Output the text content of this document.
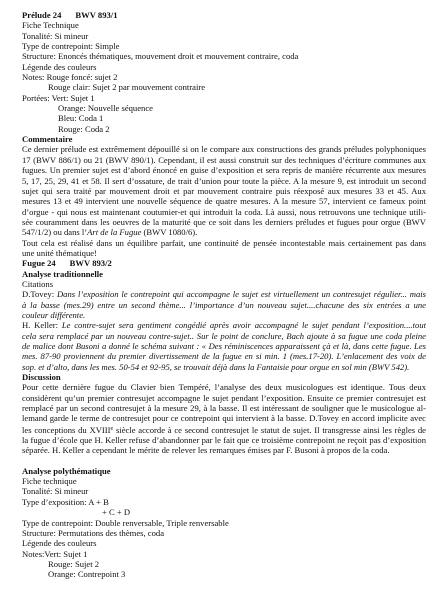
Prélude 24 BWV 893/1
Fiche Technique
Tonalité: Si mineur
Type de contrepoint: Simple
Structure: Enoncés thématiques, mouvement droit et mouvement contraire, coda
Légende des couleurs
Notes: Rouge foncé: sujet 2
Rouge clair: Sujet 2 par mouvement contraire
Portées: Vert: Sujet 1
Orange: Nouvelle séquence
Bleu: Coda 1
Rouge: Coda 2
Commentaire
Ce dernier prélude est extrêmement dépouillé si on le compare aux constructions des grands préludes polyphoniques
17 (BWV 886/1) ou 21 (BWV 890/1). Cependant, il est aussi construit sur des techniques d’écriture communes aux
fugues. Un premier sujet est d’abord énoncé en guise d’exposition et sera repris de manière récurrente aux mesures
5, 17, 25, 29, 41 et 58. Il sert d’ossature, de trait d’union pour toute la pièce. A la mesure 9, est introduit un second
sujet qui sera traité par mouvement droit et par mouvement contraire puis réexposé aux mesures 33 et 45. Aux
mesures 13 et 49 intervient une nouvelle séquence de quatre mesures. A la mesure 57, intervient ce fameux point
d’orgue - qui nous est maintenant coutumier-et qui introduit la coda. Là aussi, nous retrouvons une technique utili-
sée couramment dans les oeuvres de la maturité que ce soit dans les derniers préludes et fugues pour orgue (BWV
547/1/2) ou dans l’Art de la Fugue (BWV 1080/6).
Tout cela est réalisé dans un équilibre parfait, une continuité de pensée incontestable mais certainement pas dans
une unité thématique!
Fugue 24 BWV 893/2
Analyse traditionnelle
Citations
D.Tovey: Dans l’exposition le contrepoint qui accompagne le sujet est virtuellement un contresujet régulier... mais
à la basse (mes.29) entre un second thème... l’importance d’un nouveau sujet....chacune des six entrées a une
couleur différente.
H. Keller: Le contre-sujet sera gentiment congédié après avoir accompagné le sujet pendant l’exposition....tout
cela sera remplacé par un nouveau contre-sujet.. Sur le point de conclure, Bach ajoute à sa fugue une coda pleine
de malice dont Busoni a donné le schéma suivant : « Des réminiscences apparaissent çà et là, dans cette fugue. Les
mes. 87-90 proviennent du premier divertissement de la fugue en si min. 1 (mes.17-20). L’enlacement des voix de
sop. et d’alto, dans les mes. 50-54 et 92-95, se trouvait déjà dans la Fantaisie pour orgue en sol min (BWV 542).
Discussion
Pour cette dernière fugue du Clavier bien Tempéré, l’analyse des deux musicologues est identique. Tous deux
considèrent qu’un premier contresujet accompagne le sujet pendant l’exposition. Ensuite ce premier contresujet est
remplacé par un second contresujet à la mesure 29, à la basse. Il est intéressant de souligner que le musicologue al-
lemand garde le terme de contresujet pour ce contrepoint qui intervient à la basse. D.Tovey en accord implicite avec
les conceptions du XVIIIe siècle accorde à ce second contresujet le statut de sujet. Il transgresse ainsi les règles de
la fugue d’école que H. Keller refuse d’abandonner par le fait que ce troisième contrepoint ne reçoit pas d’exposition
séparée. H. Keller a cependant le mérite de relever les remarques émises par F. Busoni à propos de la coda.
Analyse polythématique
Fiche technique
Tonalité: Si mineur
Type d’exposition: A + B
+ C + D
Type de contrepoint: Double renversable, Triple renversable
Structure: Permutations des thèmes, coda
Légende des couleurs
Notes:Vert: Sujet 1
Rouge: Sujet 2
Orange: Contrepoint 3
